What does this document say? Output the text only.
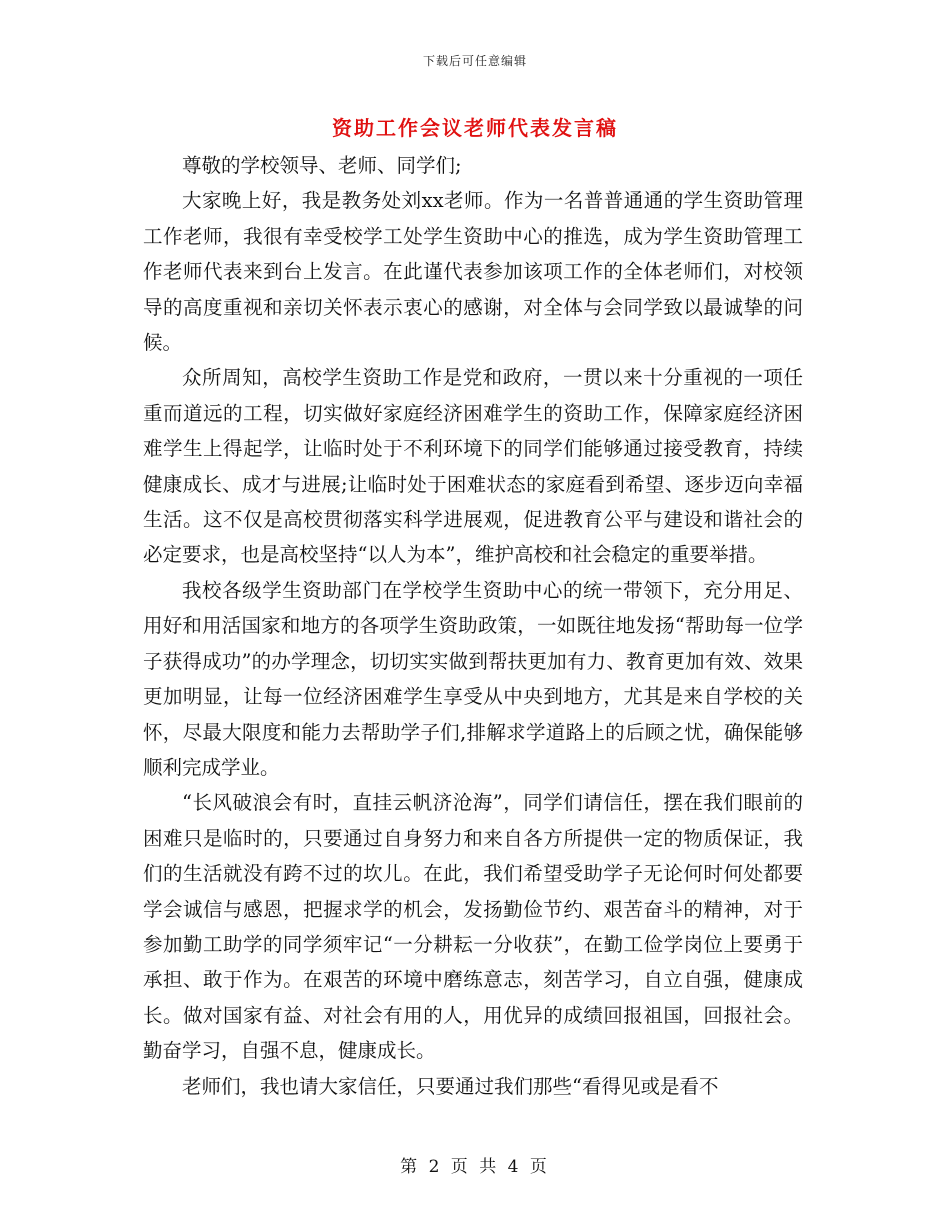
下载后可任意编辑
资助工作会议老师代表发言稿

尊敬的学校领导、老师、同学们;

大家晚上好，我是教务处刘xx老师。作为一名普普通通的学生资助管理工作老师，我很有幸受校学工处学生资助中心的推选，成为学生资助管理工作老师代表来到台上发言。在此谨代表参加该项工作的全体老师们，对校领导的高度重视和亲切关怀表示衷心的感谢，对全体与会同学致以最诚挚的问候。

众所周知，高校学生资助工作是党和政府，一贯以来十分重视的一项任重而道远的工程，切实做好家庭经济困难学生的资助工作，保障家庭经济困难学生上得起学，让临时处于不利环境下的同学们能够通过接受教育，持续健康成长、成才与进展;让临时处于困难状态的家庭看到希望、逐步迈向幸福生活。这不仅是高校贯彻落实科学进展观，促进教育公平与建设和谐社会的必定要求，也是高校坚持“以人为本”，维护高校和社会稳定的重要举措。

我校各级学生资助部门在学校学生资助中心的统一带领下，充分用足、用好和用活国家和地方的各项学生资助政策，一如既往地发扬“帮助每一位学子获得成功”的办学理念，切切实实做到帮扶更加有力、教育更加有效、效果更加明显，让每一位经济困难学生享受从中央到地方，尤其是来自学校的关怀，尽最大限度和能力去帮助学子们,排解求学道路上的后顾之忧，确保能够顺利完成学业。

“长风破浪会有时，直挂云帆济沧海”，同学们请信任，摆在我们眼前的困难只是临时的，只要通过自身努力和来自各方所提供一定的物质保证，我们的生活就没有跨不过的坎儿。在此，我们希望受助学子无论何时何处都要学会诚信与感恩，把握求学的机会，发扬勤俭节约、艰苦奋斗的精神，对于参加勤工助学的同学须牢记“一分耕耘一分收获”，在勤工俭学岗位上要勇于承担、敢于作为。在艰苦的环境中磨练意志，刻苦学习，自立自强，健康成长。做对国家有益、对社会有用的人，用优异的成绩回报祖国，回报社会。勤奋学习，自强不息，健康成长。

老师们，我也请大家信任，只要通过我们那些“看得见或是看不

第 2 页 共 4 页
